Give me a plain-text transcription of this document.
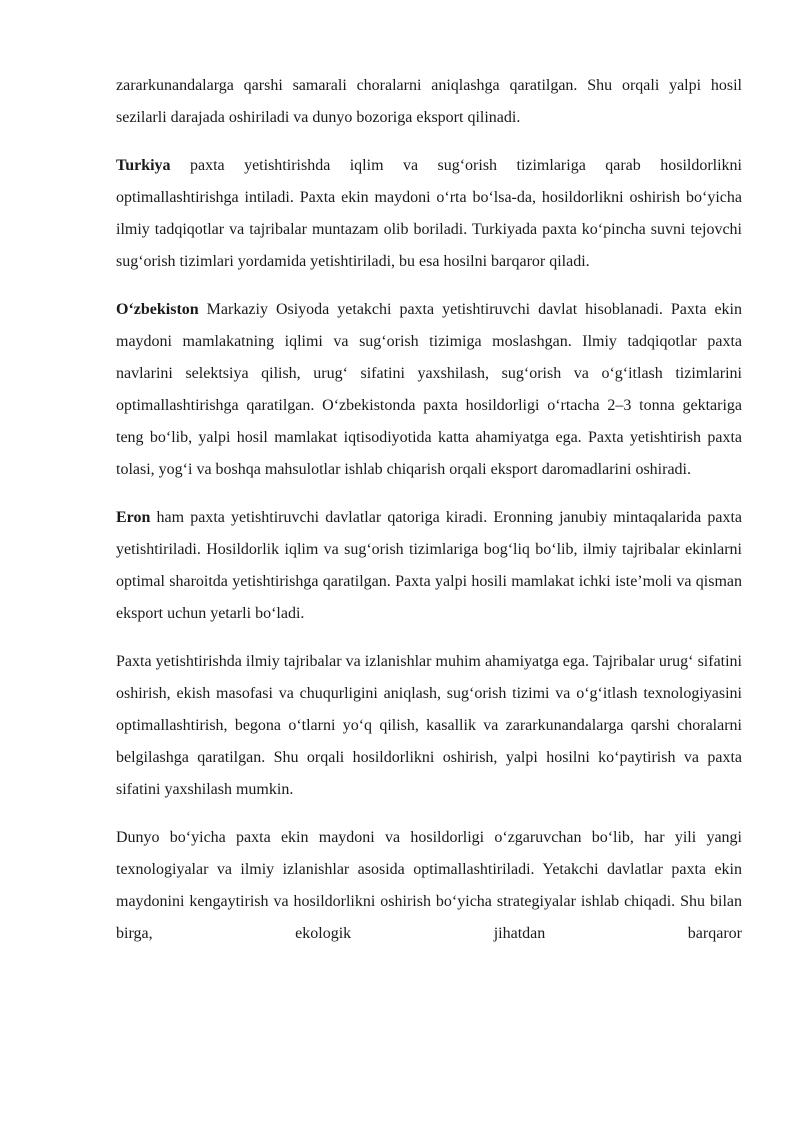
zararkunandalarga qarshi samarali choralarni aniqlashga qaratilgan. Shu orqali yalpi hosil sezilarli darajada oshiriladi va dunyo bozoriga eksport qilinadi.

Turkiya paxta yetishtirishda iqlim va sug‘orish tizimlariga qarab hosildorlikni optimallashtirishga intiladi. Paxta ekin maydoni o‘rta bo‘lsa-da, hosildorlikni oshirish bo‘yicha ilmiy tadqiqotlar va tajribalar muntazam olib boriladi. Turkiyada paxta ko‘pincha suvni tejovchi sug‘orish tizimlari yordamida yetishtiriladi, bu esa hosilni barqaror qiladi.

O‘zbekiston Markaziy Osiyoda yetakchi paxta yetishtiruvchi davlat hisoblanadi. Paxta ekin maydoni mamlakatning iqlimi va sug‘orish tizimiga moslashgan. Ilmiy tadqiqotlar paxta navlarini selektsiya qilish, urug‘ sifatini yaxshilash, sug‘orish va o‘g‘itlash tizimlarini optimallashtirishga qaratilgan. O‘zbekistonda paxta hosildorligi o‘rtacha 2–3 tonna gektariga teng bo‘lib, yalpi hosil mamlakat iqtisodiyotida katta ahamiyatga ega. Paxta yetishtirish paxta tolasi, yog‘i va boshqa mahsulotlar ishlab chiqarish orqali eksport daromadlarini oshiradi.

Eron ham paxta yetishtiruvchi davlatlar qatoriga kiradi. Eronning janubiy mintaqalarida paxta yetishtiriladi. Hosildorlik iqlim va sug‘orish tizimlariga bog‘liq bo‘lib, ilmiy tajribalar ekinlarni optimal sharoitda yetishtirishga qaratilgan. Paxta yalpi hosili mamlakat ichki iste’moli va qisman eksport uchun yetarli bo‘ladi.

Paxta yetishtirishda ilmiy tajribalar va izlanishlar muhim ahamiyatga ega. Tajribalar urug‘ sifatini oshirish, ekish masofasi va chuqurligini aniqlash, sug‘orish tizimi va o‘g‘itlash texnologiyasini optimallashtirish, begona o‘tlarni yo‘q qilish, kasallik va zararkunandalarga qarshi choralarni belgilashga qaratilgan. Shu orqali hosildorlikni oshirish, yalpi hosilni ko‘paytirish va paxta sifatini yaxshilash mumkin.

Dunyo bo‘yicha paxta ekin maydoni va hosildorligi o‘zgaruvchan bo‘lib, har yili yangi texnologiyalar va ilmiy izlanishlar asosida optimallashtiriladi. Yetakchi davlatlar paxta ekin maydonini kengaytirish va hosildorlikni oshirish bo‘yicha strategiyalar ishlab chiqadi. Shu bilan birga, ekologik jihatdan barqaror
